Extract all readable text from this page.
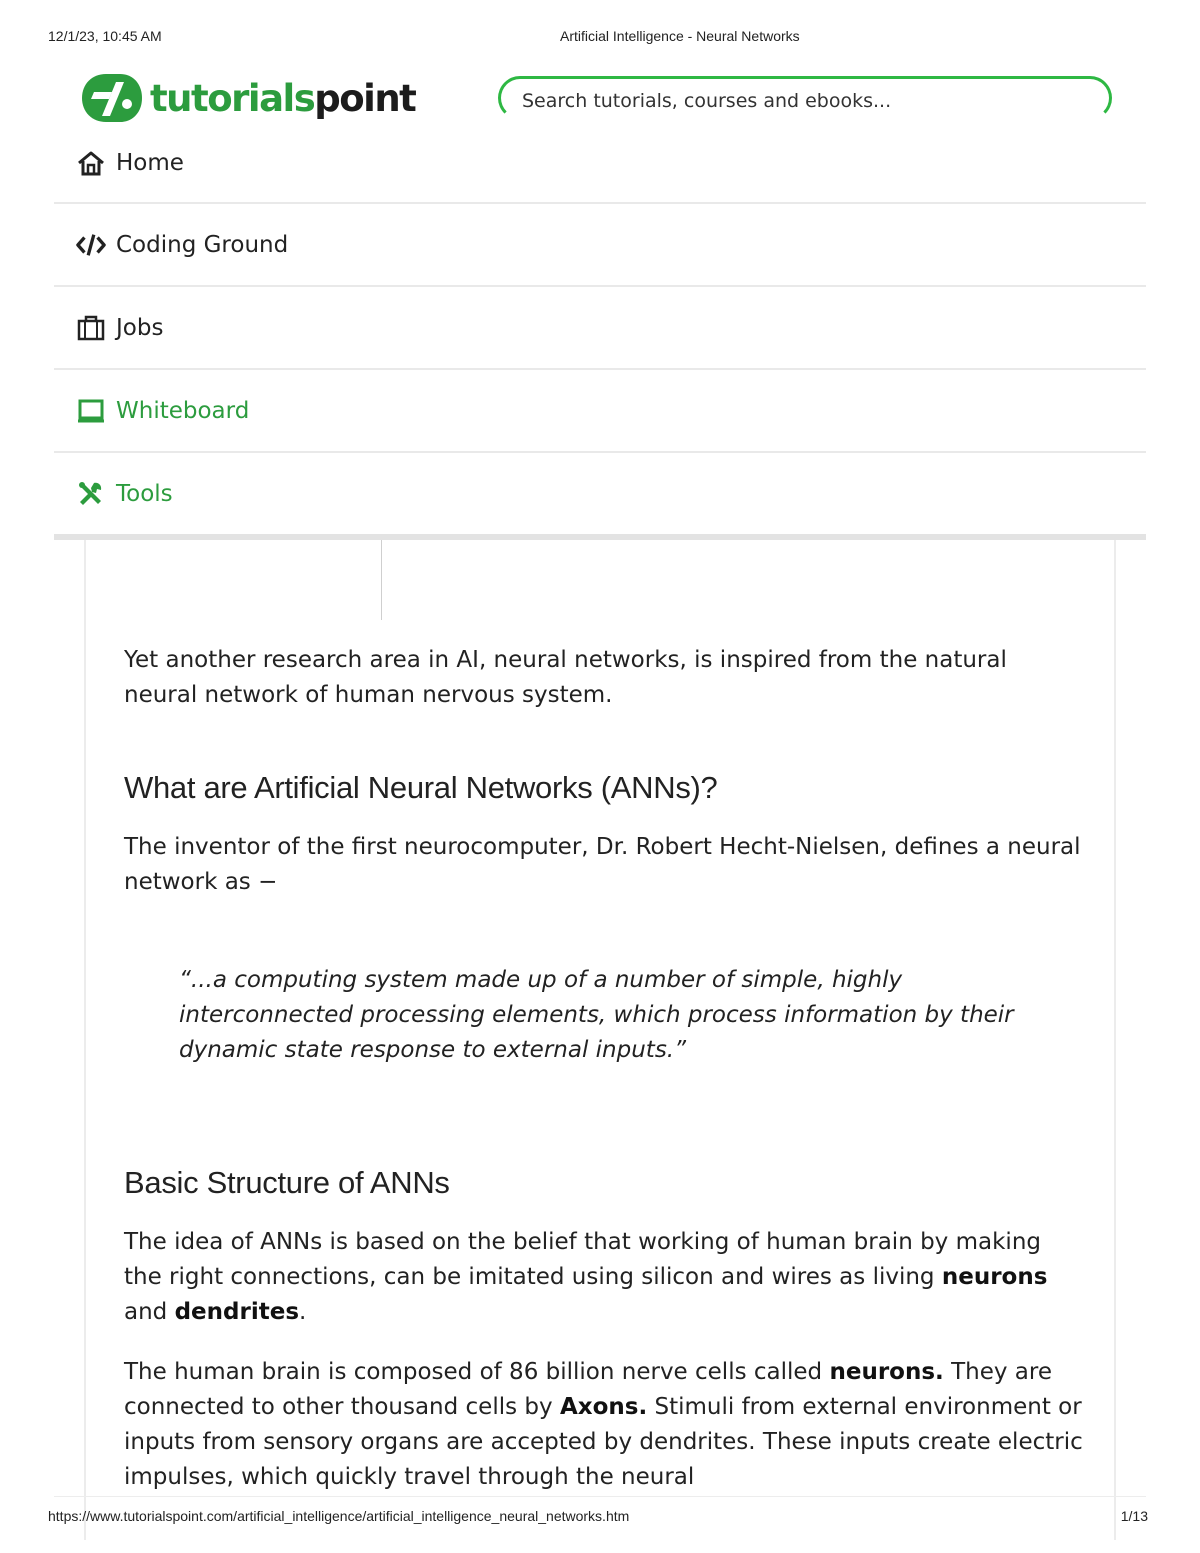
12/1/23, 10:45 AM	Artificial Intelligence - Neural Networks
tutorialspoint
Search tutorials, courses and ebooks...
Home
Coding Ground
Jobs
Whiteboard
Tools
Yet another research area in AI, neural networks, is inspired from the natural neural network of human nervous system.
What are Artificial Neural Networks (ANNs)?
The inventor of the first neurocomputer, Dr. Robert Hecht-Nielsen, defines a neural network as −
“...a computing system made up of a number of simple, highly interconnected processing elements, which process information by their dynamic state response to external inputs.”
Basic Structure of ANNs
The idea of ANNs is based on the belief that working of human brain by making the right connections, can be imitated using silicon and wires as living neurons and dendrites.
The human brain is composed of 86 billion nerve cells called neurons. They are connected to other thousand cells by Axons. Stimuli from external environment or inputs from sensory organs are accepted by dendrites. These inputs create electric impulses, which quickly travel through the neural
https://www.tutorialspoint.com/artificial_intelligence/artificial_intelligence_neural_networks.htm	1/13
